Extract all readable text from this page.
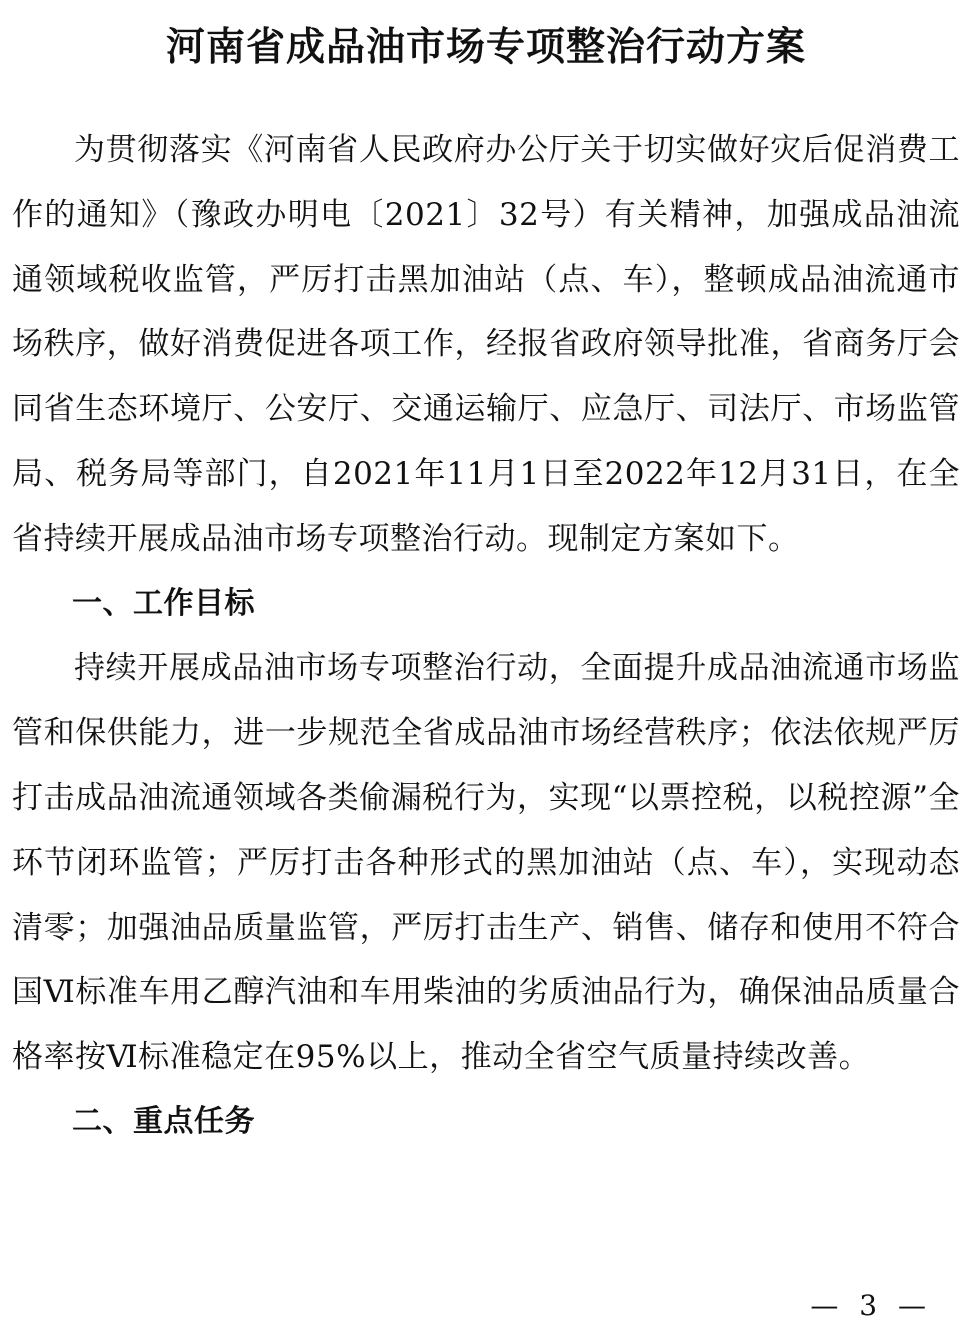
河南省成品油市场专项整治行动方案

为贯彻落实《河南省人民政府办公厅关于切实做好灾后促消费工作的通知》（豫政办明电〔2021〕32号）有关精神，加强成品油流通领域税收监管，严厉打击黑加油站（点、车），整顿成品油流通市场秩序，做好消费促进各项工作，经报省政府领导批准，省商务厅会同省生态环境厅、公安厅、交通运输厅、应急厅、司法厅、市场监管局、税务局等部门，自2021年11月1日至2022年12月31日，在全省持续开展成品油市场专项整治行动。现制定方案如下。

一、工作目标

持续开展成品油市场专项整治行动，全面提升成品油流通市场监管和保供能力，进一步规范全省成品油市场经营秩序；依法依规严厉打击成品油流通领域各类偷漏税行为，实现“以票控税，以税控源”全环节闭环监管；严厉打击各种形式的黑加油站（点、车），实现动态清零；加强油品质量监管，严厉打击生产、销售、储存和使用不符合国Ⅵ标准车用乙醇汽油和车用柴油的劣质油品行为，确保油品质量合格率按Ⅵ标准稳定在95%以上，推动全省空气质量持续改善。

二、重点任务

— 3 —
